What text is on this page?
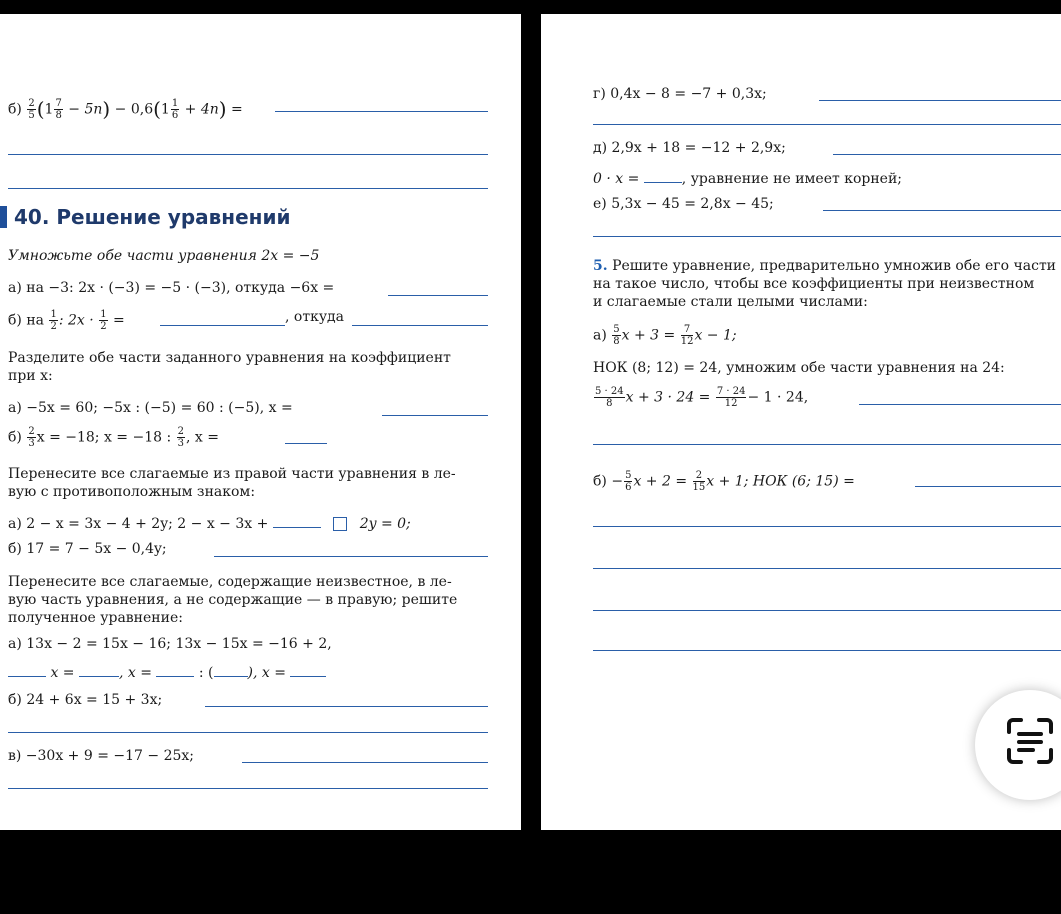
$б) \frac{2}{5} (1 \frac{7}{8} - 5n) - 0,6(1 \frac{1}{6} + 4n)$ =
40. Решение уравнений
Умножьте обе части уравнения 2x = −5
а) на −3: 2x · (−3) = −5 · (−3), откуда −6x =
б) на $\frac{1}{2}$ : $2x \cdot \frac{1}{2}$ =	, откуда
Разделите обе части заданного уравнения на коэффициент
при x:
а) −5x = 60; −5x : (−5) = 60 : (−5), x =
$б) \frac{2}{3}$ x = −18; x = −18 : $\frac{2}{3}$ , x =
Перенесите все слагаемые из правой части уравнения в ле-
вую с противоположным знаком:
а) 2 − x = 3x − 4 + 2y; 2 − x − 3x +	2y = 0;
б) 17 = 7 − 5x − 0,4y;
Перенесите все слагаемые, содержащие неизвестное, в ле-
вую часть уравнения, а не содержащие — в правую; решите
полученное уравнение:
а) 13x − 2 = 15x − 16; 13x − 15x = −16 + 2,
x =	, x =	: ( ), x =
б) 24 + 6x = 15 + 3x;
в) −30x + 9 = −17 − 25x;
г) 0,4x − 8 = −7 + 0,3x;
д) 2,9x + 18 = −12 + 2,9x;
0 · x =	, уравнение не имеет корней;
е) 5,3x − 45 = 2,8x − 45;
5. Решите уравнение, предварительно умножив обе его части
на такое число, чтобы все коэффициенты при неизвестном
и слагаемые стали целыми числами:
$а) \frac{5}{8}$ $x + 3 = \frac{7}{12}$ x − 1;
НОК (8; 12) = 24, умножим обе части уравнения на 24:
$\frac{5 \cdot 24}{8}$ $x + 3 \cdot 24 = \frac{7 \cdot 24}{12} - 1 \cdot 24$,
$б) - \frac{5}{6}$ $x + 2 = \frac{2}{15}$ x + 1; НОК (6; 15) =
